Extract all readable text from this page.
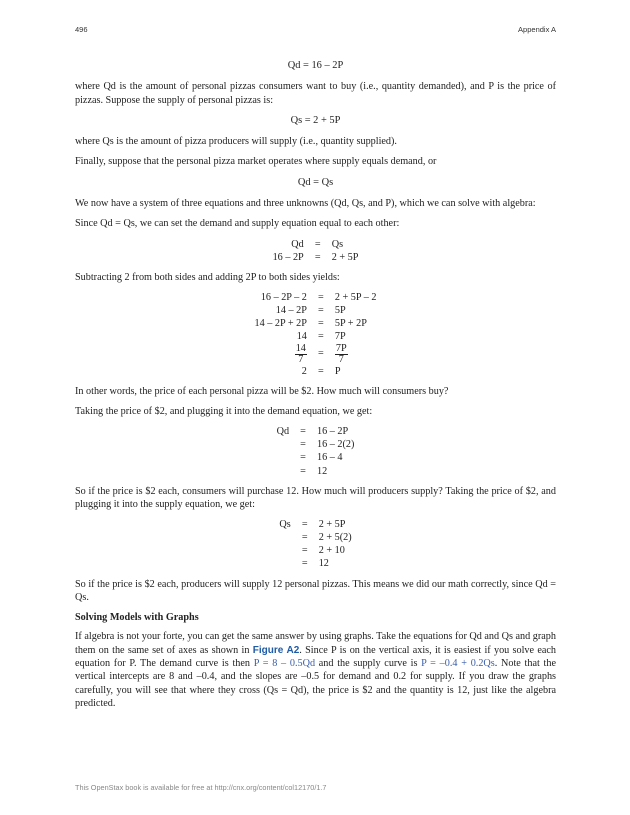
496	Appendix A
Qd = 16 – 2P

where Qd is the amount of personal pizzas consumers want to buy (i.e., quantity demanded), and P is the price of pizzas. Suppose the supply of personal pizzas is:

Qs = 2 + 5P

where Qs is the amount of pizza producers will supply (i.e., quantity supplied).

Finally, suppose that the personal pizza market operates where supply equals demand, or

Qd = Qs

We now have a system of three equations and three unknowns (Qd, Qs, and P), which we can solve with algebra:

Since Qd = Qs, we can set the demand and supply equation equal to each other:

Qd	=	Qs
16 – 2P	=	2 + 5P

Subtracting 2 from both sides and adding 2P to both sides yields:

16 – 2P – 2	=	2 + 5P – 2
14 – 2P	=	5P
14 – 2P + 2P	=	5P + 2P
14	=	7P

$\frac{14}{7}$	=	$\frac{7P}{7}$

2	=	P

In other words, the price of each personal pizza will be $2. How much will consumers buy?

Taking the price of $2, and plugging it into the demand equation, we get:

Qd	=	16 – 2P
	=	16 – 2(2)
	=	16 – 4
	=	12

So if the price is $2 each, consumers will purchase 12. How much will producers supply? Taking the price of $2, and plugging it into the supply equation, we get:

Qs	=	2 + 5P
	=	2 + 5(2)
	=	2 + 10
	=	12

So if the price is $2 each, producers will supply 12 personal pizzas. This means we did our math correctly, since Qd = Qs.

Solving Models with Graphs

If algebra is not your forte, you can get the same answer by using graphs. Take the equations for Qd and Qs and graph them on the same set of axes as shown in Figure A2. Since P is on the vertical axis, it is easiest if you solve each equation for P. The demand curve is then P = 8 – 0.5Qd and the supply curve is P = –0.4 + 0.2Qs. Note that the vertical intercepts are 8 and –0.4, and the slopes are –0.5 for demand and 0.2 for supply. If you draw the graphs carefully, you will see that where they cross (Qs = Qd), the price is $2 and the quantity is 12, just like the algebra predicted.

This OpenStax book is available for free at http://cnx.org/content/col12170/1.7
